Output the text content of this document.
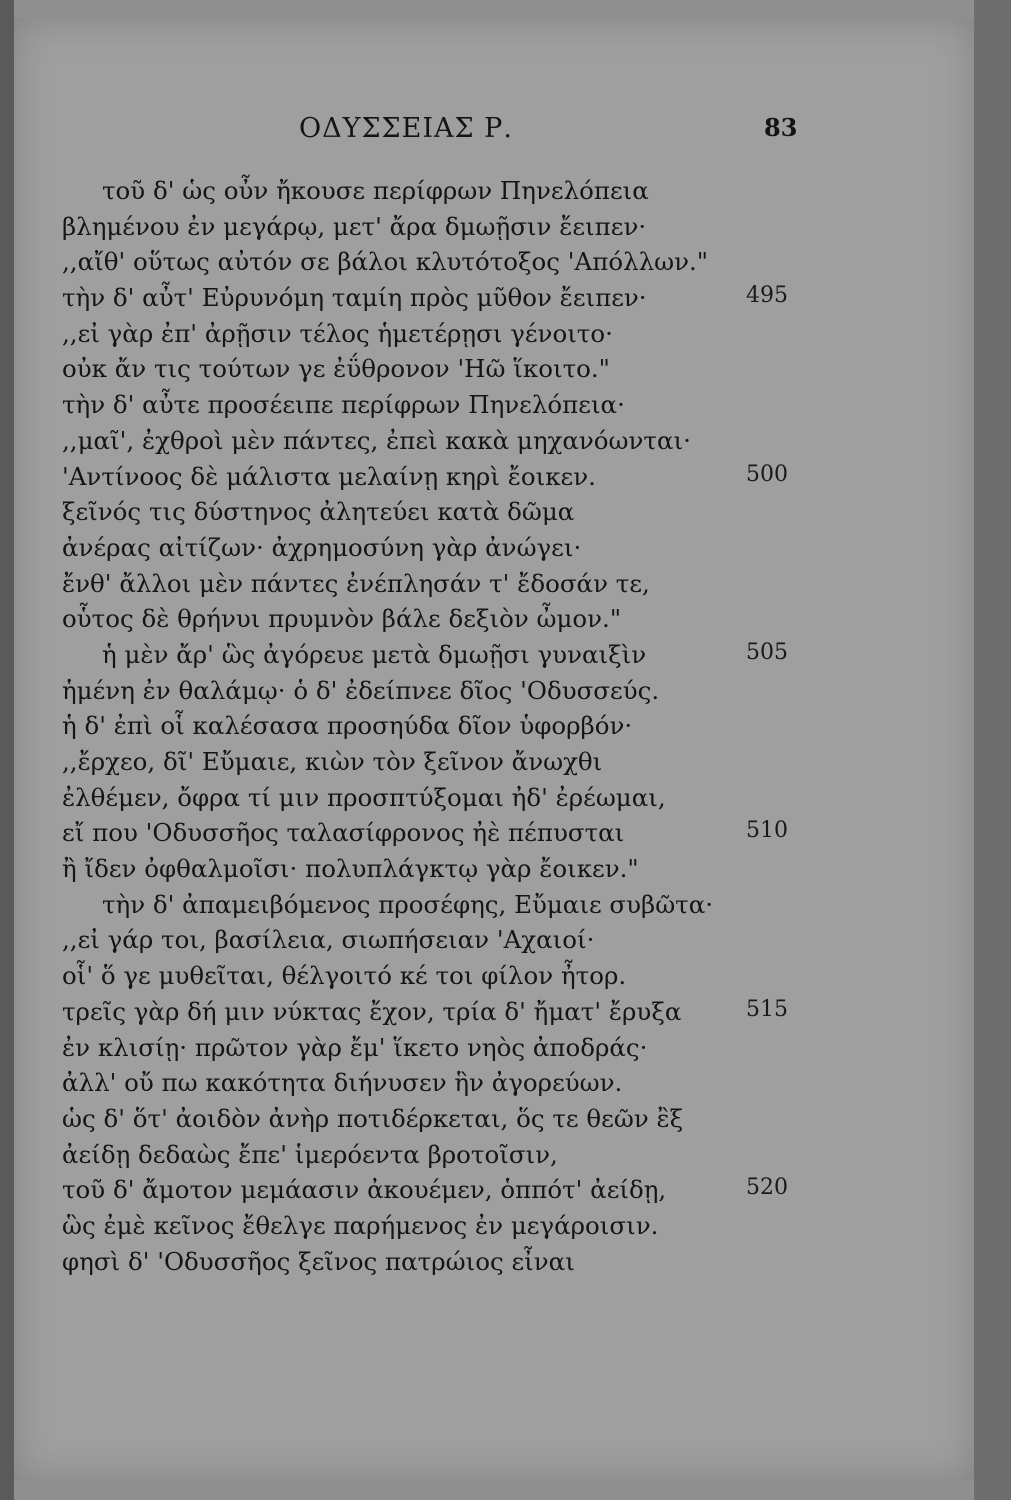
ΟΔΥΣΣΕΙΑΣ Ρ.	83
τοῦ δ' ὡς οὖν ἤκουσε περίφρων Πηνελόπεια
βλημένου ἐν μεγάρῳ, μετ' ἄρα δμωῇσιν ἔειπεν·
,,αἴθ' οὕτως αὐτόν σε βάλοι κλυτότοξος 'Απόλλων."
τὴν δ' αὖτ' Εὐρυνόμη ταμίη πρὸς μῦθον ἔειπεν·	495
,,εἰ γὰρ ἐπ' ἀρῇσιν τέλος ἡμετέρῃσι γένοιτο·
οὐκ ἄν τις τούτων γε ἐΰθρονον 'Ηῶ ἵκοιτο."
τὴν δ' αὖτε προσέειπε περίφρων Πηνελόπεια·
,,μαῖ', ἐχθροὶ μὲν πάντες, ἐπεὶ κακὰ μηχανόωνται·
'Αντίνοος δὲ μάλιστα μελαίνῃ κηρὶ ἔοικεν.	500
ξεῖνός τις δύστηνος ἀλητεύει κατὰ δῶμα
ἀνέρας αἰτίζων· ἀχρημοσύνη γὰρ ἀνώγει·
ἔνθ' ἄλλοι μὲν πάντες ἐνέπλησάν τ' ἔδοσάν τε,
οὗτος δὲ θρήνυι πρυμνὸν βάλε δεξιὸν ὦμον."
ἡ μὲν ἄρ' ὣς ἀγόρευε μετὰ δμωῇσι γυναιξὶν	505
ἡμένη ἐν θαλάμῳ· ὁ δ' ἐδείπνεε δῖος 'Οδυσσεύς.
ἡ δ' ἐπὶ οἷ καλέσασα προσηύδα δῖον ὑφορβόν·
,,ἔρχεο, δῖ' Εὔμαιε, κιὼν τὸν ξεῖνον ἄνωχθι
ἐλθέμεν, ὄφρα τί μιν προσπτύξομαι ἠδ' ἐρέωμαι,
εἴ που 'Οδυσσῆος ταλασίφρονος ἠὲ πέπυσται	510
ἢ ἴδεν ὀφθαλμοῖσι· πολυπλάγκτῳ γὰρ ἔοικεν."
τὴν δ' ἀπαμειβόμενος προσέφης, Εὔμαιε συβῶτα·
,,εἰ γάρ τοι, βασίλεια, σιωπήσειαν 'Αχαιοί·
οἷ' ὅ γε μυθεῖται, θέλγοιτό κέ τοι φίλον ἦτορ.
τρεῖς γὰρ δή μιν νύκτας ἔχον, τρία δ' ἤματ' ἔρυξα	515
ἐν κλισίῃ· πρῶτον γὰρ ἔμ' ἵκετο νηὸς ἀποδράς·
ἀλλ' οὔ πω κακότητα διήνυσεν ἣν ἀγορεύων.
ὡς δ' ὅτ' ἀοιδὸν ἀνὴρ ποτιδέρκεται, ὅς τε θεῶν ἒξ
ἀείδῃ δεδαὼς ἔπε' ἱμερόεντα βροτοῖσιν,
τοῦ δ' ἄμοτον μεμάασιν ἀκουέμεν, ὁππότ' ἀείδῃ,	520
ὣς ἐμὲ κεῖνος ἔθελγε παρήμενος ἐν μεγάροισιν.
φησὶ δ' 'Οδυσσῆος ξεῖνος πατρώιος εἶναι
